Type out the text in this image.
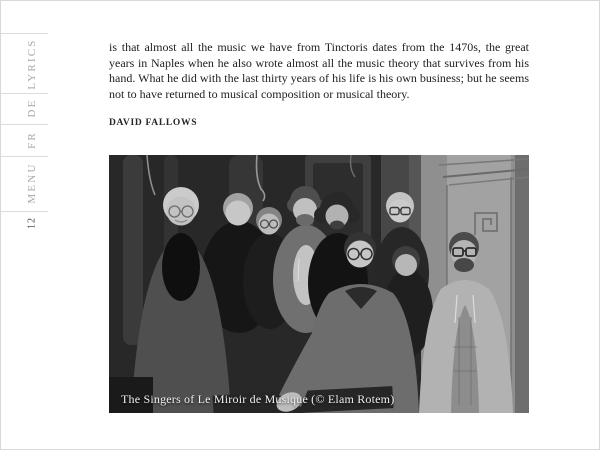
LYRICS
DE
FR
MENU
12

is that almost all the music we have from Tinctoris dates from the 1470s, the great years in Naples when he also wrote almost all the music theory that survives from his hand. What he did with the last thirty years of his life is his own business; but he seems not to have returned to musical composition or musical theory.

DAVID FALLOWS
The Singers of Le Miroir de Musique (© Elam Rotem)
